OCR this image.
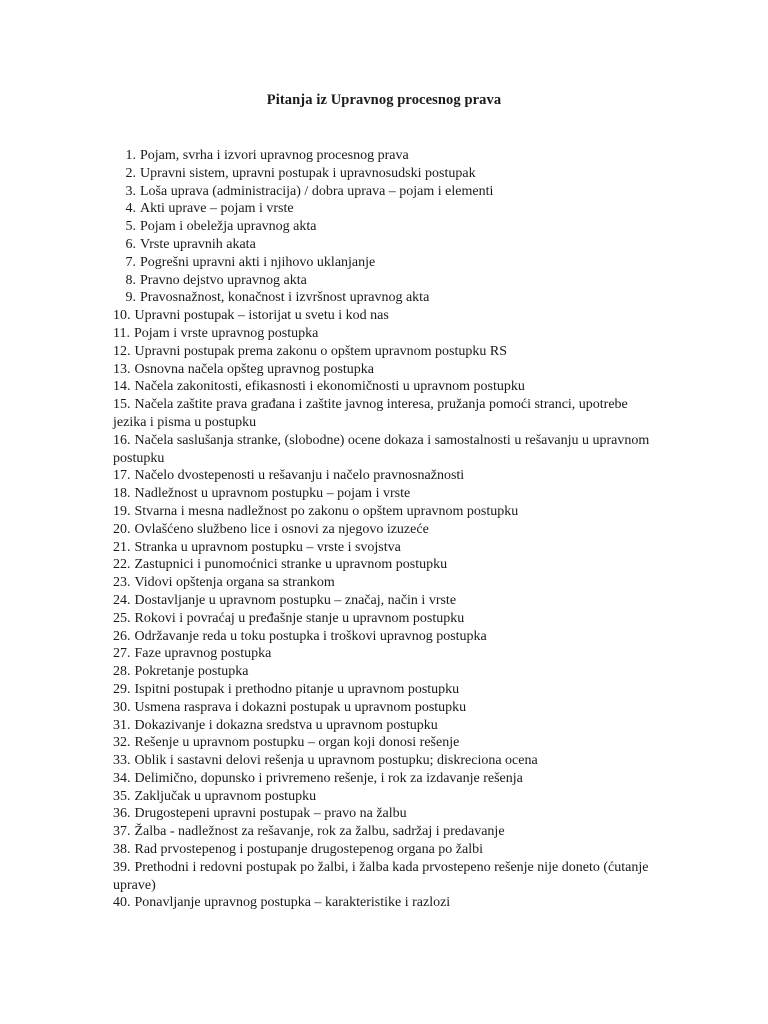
Pitanja iz Upravnog procesnog prava
1. Pojam, svrha i izvori upravnog procesnog prava
2. Upravni sistem, upravni postupak i upravnosudski postupak
3. Loša uprava (administracija) / dobra uprava – pojam i elementi
4. Akti uprave – pojam i vrste
5. Pojam i obeležja upravnog akta
6. Vrste upravnih akata
7. Pogrešni upravni akti i njihovo uklanjanje
8. Pravno dejstvo upravnog akta
9. Pravosnažnost, konačnost i izvršnost upravnog akta
10. Upravni postupak – istorijat u svetu i kod nas
11. Pojam i vrste upravnog postupka
12. Upravni postupak prema zakonu o opštem upravnom postupku RS
13. Osnovna načela opšteg upravnog postupka
14. Načela zakonitosti, efikasnosti i ekonomičnosti u upravnom postupku
15. Načela zaštite prava građana i zaštite javnog interesa, pružanja pomoći stranci, upotrebe jezika i pisma u postupku
16. Načela saslušanja stranke, (slobodne) ocene dokaza i samostalnosti u rešavanju u upravnom postupku
17. Načelo dvostepenosti u rešavanju i načelo pravnosnažnosti
18. Nadležnost u upravnom postupku – pojam i vrste
19. Stvarna i mesna nadležnost po zakonu o opštem upravnom postupku
20. Ovlašćeno službeno lice i osnovi za njegovo izuzeće
21. Stranka u upravnom postupku – vrste i svojstva
22. Zastupnici i punomoćnici stranke u upravnom postupku
23. Vidovi opštenja organa sa strankom
24. Dostavljanje u upravnom postupku – značaj, način i vrste
25. Rokovi i povraćaj u pređašnje stanje u upravnom postupku
26. Održavanje reda u toku postupka i troškovi upravnog postupka
27. Faze upravnog postupka
28. Pokretanje postupka
29. Ispitni postupak i prethodno pitanje u upravnom postupku
30. Usmena rasprava i dokazni postupak u upravnom postupku
31. Dokazivanje i dokazna sredstva u upravnom postupku
32. Rešenje u upravnom postupku – organ koji donosi rešenje
33. Oblik i sastavni delovi rešenja u upravnom postupku; diskreciona ocena
34. Delimično, dopunsko i privremeno rešenje, i rok za izdavanje rešenja
35. Zaključak u upravnom postupku
36. Drugostepeni upravni postupak – pravo na žalbu
37. Žalba - nadležnost za rešavanje, rok za žalbu, sadržaj i predavanje
38. Rad prvostepenog i postupanje drugostepenog organa po žalbi
39. Prethodni i redovni postupak po žalbi, i žalba kada prvostepeno rešenje nije doneto (ćutanje uprave)
40. Ponavljanje upravnog postupka – karakteristike i razlozi
